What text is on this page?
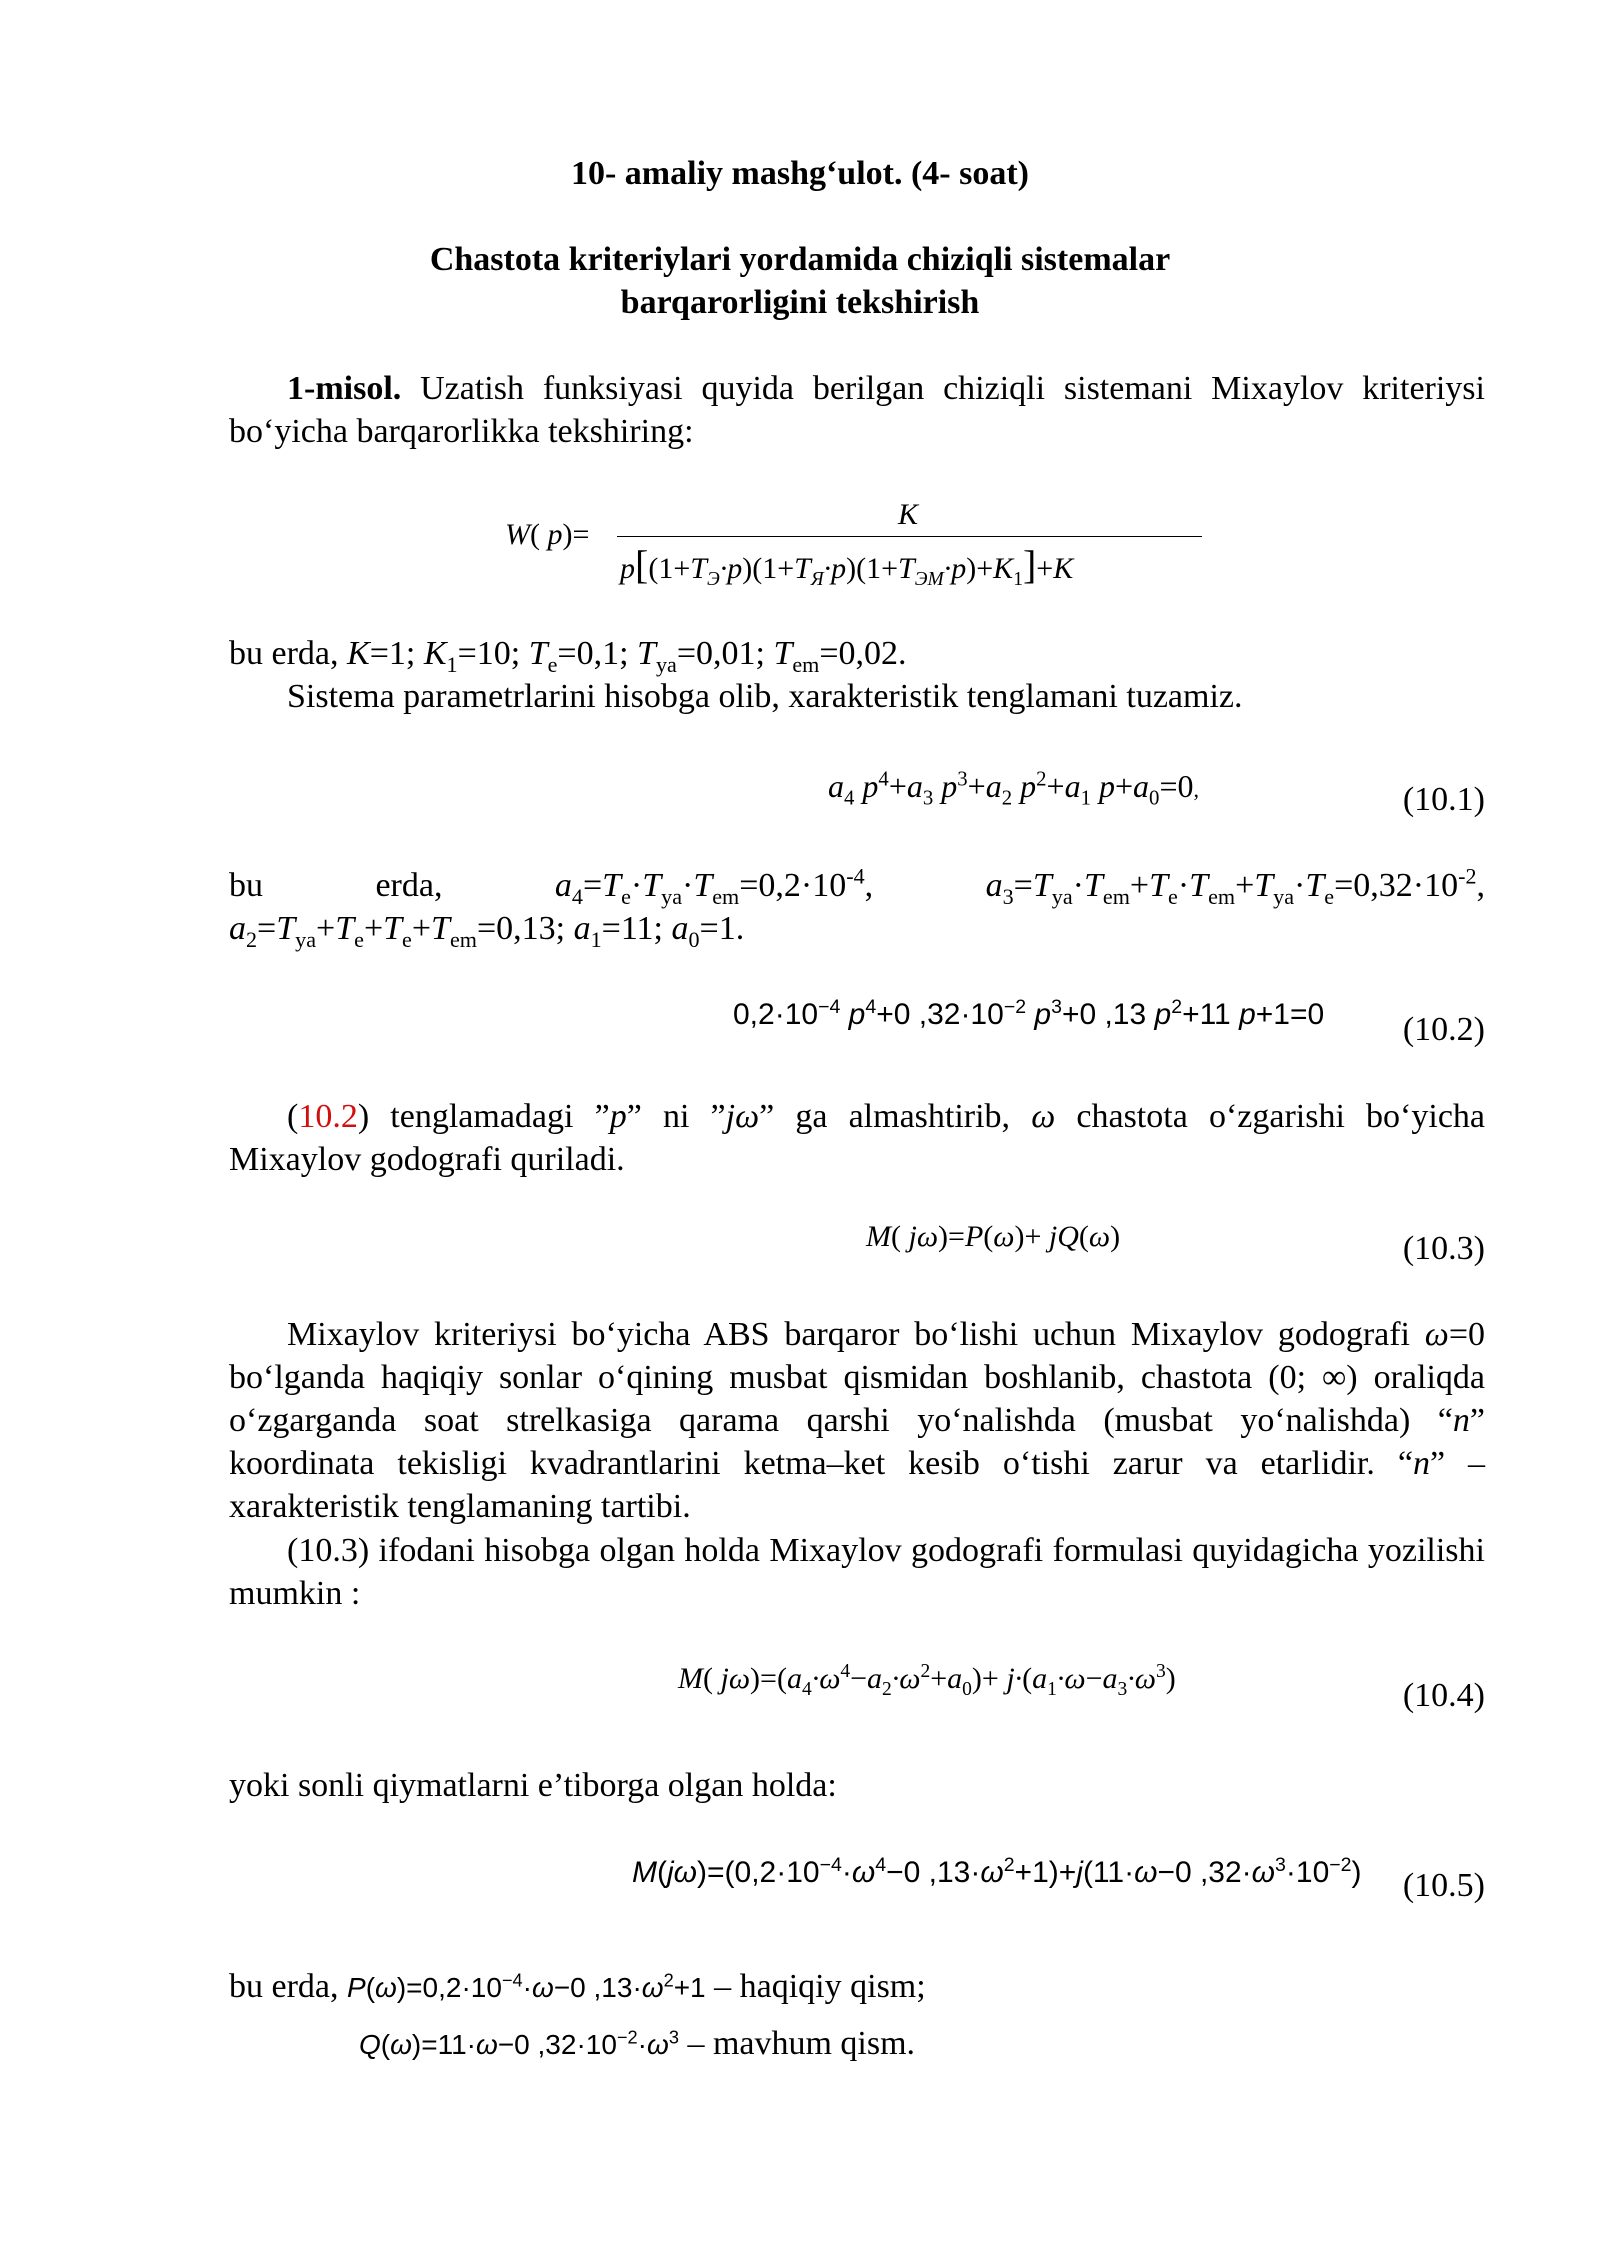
10- amaliy mashg‘ulot. (4- soat)
Chastota kriteriylari yordamida chiziqli sistemalar
barqarorligini tekshirish
1-misol. Uzatish funksiyasi quyida berilgan chiziqli sistemani Mixaylov kriteriysi bo‘yicha barqarorlikka tekshiring:
W( p)=
K
$p[(1+T_Э\cdot p)(1+T_Я\cdot p)(1+T_{ЭМ}\cdot p)+K_1]+K$
bu erda, K=1; $K_1=10$; $T_e=0,1$; $T_{ya}=0,01$; $T_{em}=0,02$.
Sistema parametrlarini hisobga olib, xarakteristik tenglamani tuzamiz.
$a_4$ $p^4+a_3$ $p^3+a_2$ $p^2+a_1$ $p+a_0=0$,	(10.1)
bu          erda,          $a_4=T_e\cdot T_{ya}\cdot T_{em}=0,2\cdot 10^{-4}$,          $a_3=T_{ya}\cdot T_{em}+T_e\cdot T_{em}+T_{ya}\cdot T_e=0,32\cdot 10^{-2}$,
$a_2=T_{ya}+T_e+T_e+T_{em}=0,13$; $a_1=11$; $a_0=1$.
$0,2\cdot 10^{-4}$ $p^4+0$ $,32\cdot 10^{-2}$ $p^3+0$ ,13 $p^2+11$ p+1=0 (10.2)
(10.2) tenglamadagi ”p” ni ”jω” ga almashtirib, ω chastota o‘zgarishi bo‘yicha Mixaylov godografi quriladi.
M( jω)=P(ω)+ jQ(ω)	(10.3)
Mixaylov kriteriysi bo‘yicha ABS barqaror bo‘lishi uchun Mixaylov godografi ω=0 bo‘lganda haqiqiy sonlar o‘qining musbat qismidan boshlanib, chastota (0; ∞) oraliqda o‘zgarganda soat strelkasiga qarama qarshi yo‘nalishda (musbat yo‘nalishda) “n” koordinata tekisligi kvadrantlarini ketma–ket kesib o‘tishi zarur va etarlidir. “n” – xarakteristik tenglamaning tartibi.
(10.3) ifodani hisobga olgan holda Mixaylov godografi formulasi quyidagicha yozilishi mumkin :
M( $j\omega)=(a_4\cdot\omega^4-a_2\cdot\omega^2+a_0)+ j\cdot(a_1\cdot\omega-a_3\cdot\omega^3)$	(10.4)
yoki sonli qiymatlarni e’tiborga olgan holda:
$M(j\omega)=(0,2\cdot 10^{-4}\cdot\omega^4-0$ $,13\cdot\omega^2+1)+j(11\cdot\omega-0$ $,32\cdot\omega^3\cdot 10^{-2}$) (10.5)
bu erda, $P(\omega)=0,2\cdot 10^{-4}\cdot\omega-0$ $,13\cdot\omega^2+1$ – haqiqiy qism;
Q(ω)=11·ω−0 $,32\cdot 10^{-2}\cdot\omega^3$ – mavhum qism.
